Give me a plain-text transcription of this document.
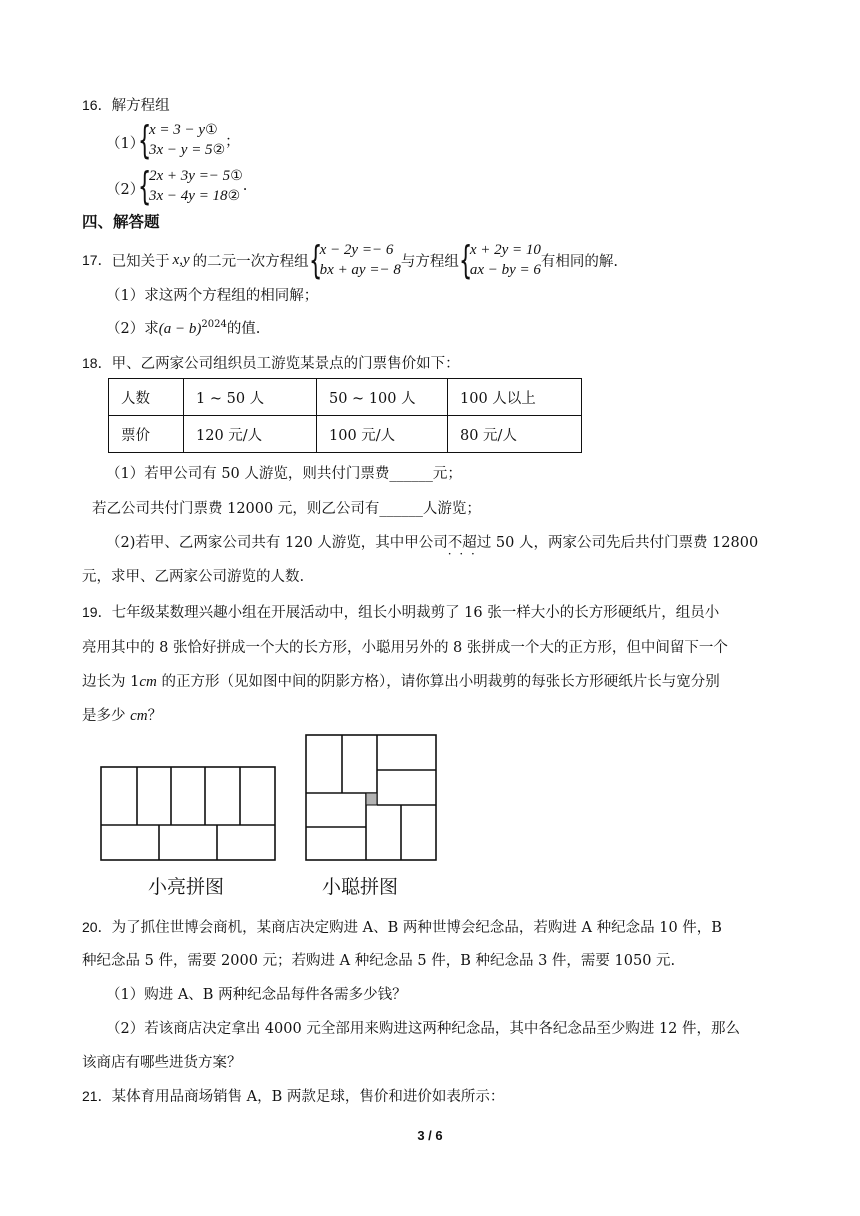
16．解方程组
（1）
{
x = 3 − y①
3x − y = 5②
；
（2）
{
2x + 3y =− 5①
3x − 4y = 18②
.
四、解答题
17． 已知关于 x,y 的二元一次方程组 {
x − 2y =− 6
bx + ay =− 8
与方程组 {
x + 2y = 10
ax − by = 6
有相同的解.
（1）求这两个方程组的相同解；
（2）求$(a - b)^{2024}$的值.
18．甲、乙两家公司组织员工游览某景点的门票售价如下：
人数	1 ~ 50 人	50 ~ 100 人	100 人以上
票价	120 元/人	100 元/人	80 元/人
（1）若甲公司有 50 人游览，则共付门票费______元；
若乙公司共付门票费 12000 元，则乙公司有______人游览；
（2)若甲、乙两家公司共有 120 人游览，其中甲公司不超过 · · · 50 人，两家公司先后共付门票费 12800
元，求甲、乙两家公司游览的人数.
19．七年级某数理兴趣小组在开展活动中，组长小明裁剪了 16 张一样大小的长方形硬纸片，组员小
亮用其中的 8 张恰好拼成一个大的长方形，小聪用另外的 8 张拼成一个大的正方形，但中间留下一个
边长为 1cm 的正方形（见如图中间的阴影方格），请你算出小明裁剪的每张长方形硬纸片长与宽分别
是多少 cm？
小亮拼图	小聪拼图
20．为了抓住世博会商机，某商店决定购进 A、B 两种世博会纪念品，若购进 A 种纪念品 10 件，B
种纪念品 5 件，需要 2000 元；若购进 A 种纪念品 5 件，B 种纪念品 3 件，需要 1050 元.
（1）购进 A、B 两种纪念品每件各需多少钱？
（2）若该商店决定拿出 4000 元全部用来购进这两种纪念品，其中各纪念品至少购进 12 件，那么
该商店有哪些进货方案？
21．某体育用品商场销售 A，B 两款足球，售价和进价如表所示：
3 / 6
